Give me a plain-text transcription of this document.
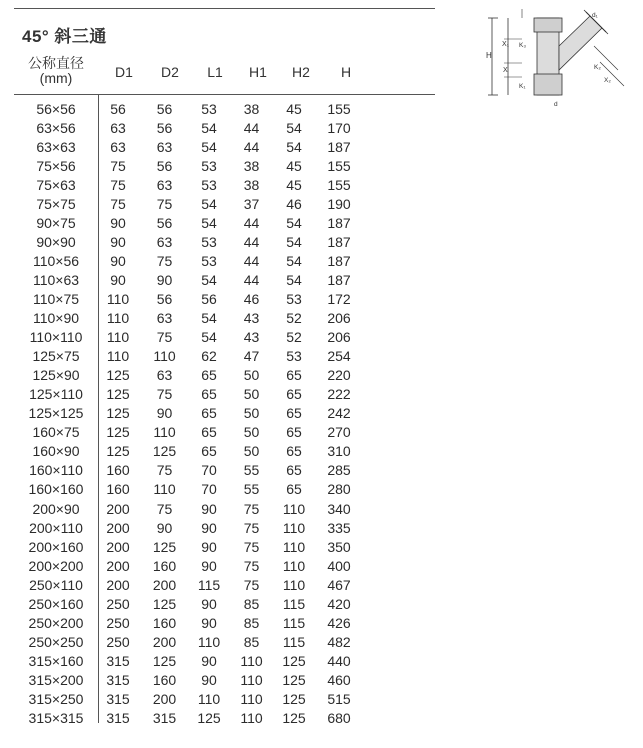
45° 斜三通
公称直径
(mm)	D1	D2	L1	H1	H2	H
56×56	56	56	53	38	45	155
63×56	63	56	54	44	54	170
63×63	63	63	54	44	54	187
75×56	75	56	53	38	45	155
75×63	75	63	53	38	45	155
75×75	75	75	54	37	46	190
90×75	90	56	54	44	54	187
90×90	90	63	53	44	54	187
110×56	90	75	53	44	54	187
110×63	90	90	54	44	54	187
110×75	110	56	56	46	53	172
110×90	110	63	54	43	52	206
110×110	110	75	54	43	52	206
125×75	110	110	62	47	53	254
125×90	125	63	65	50	65	220
125×110	125	75	65	50	65	222
125×125	125	90	65	50	65	242
160×75	125	110	65	50	65	270
160×90	125	125	65	50	65	310
160×110	160	75	70	55	65	285
160×160	160	110	70	55	65	280
200×90	200	75	90	75	110	340
200×110	200	90	90	75	110	335
200×160	200	125	90	75	110	350
200×200	200	160	90	75	110	400
250×110	200	200	115	75	110	467
250×160	250	125	90	85	115	420
250×200	250	160	90	85	115	426
250×250	250	200	110	85	115	482
315×160	315	125	90	110	125	440
315×200	315	160	90	110	125	460
315×250	315	200	110	110	125	515
315×315	315	315	125	110	125	680
H
X₁ K₃
X
K₁
d₁
K₂
X₂
d
